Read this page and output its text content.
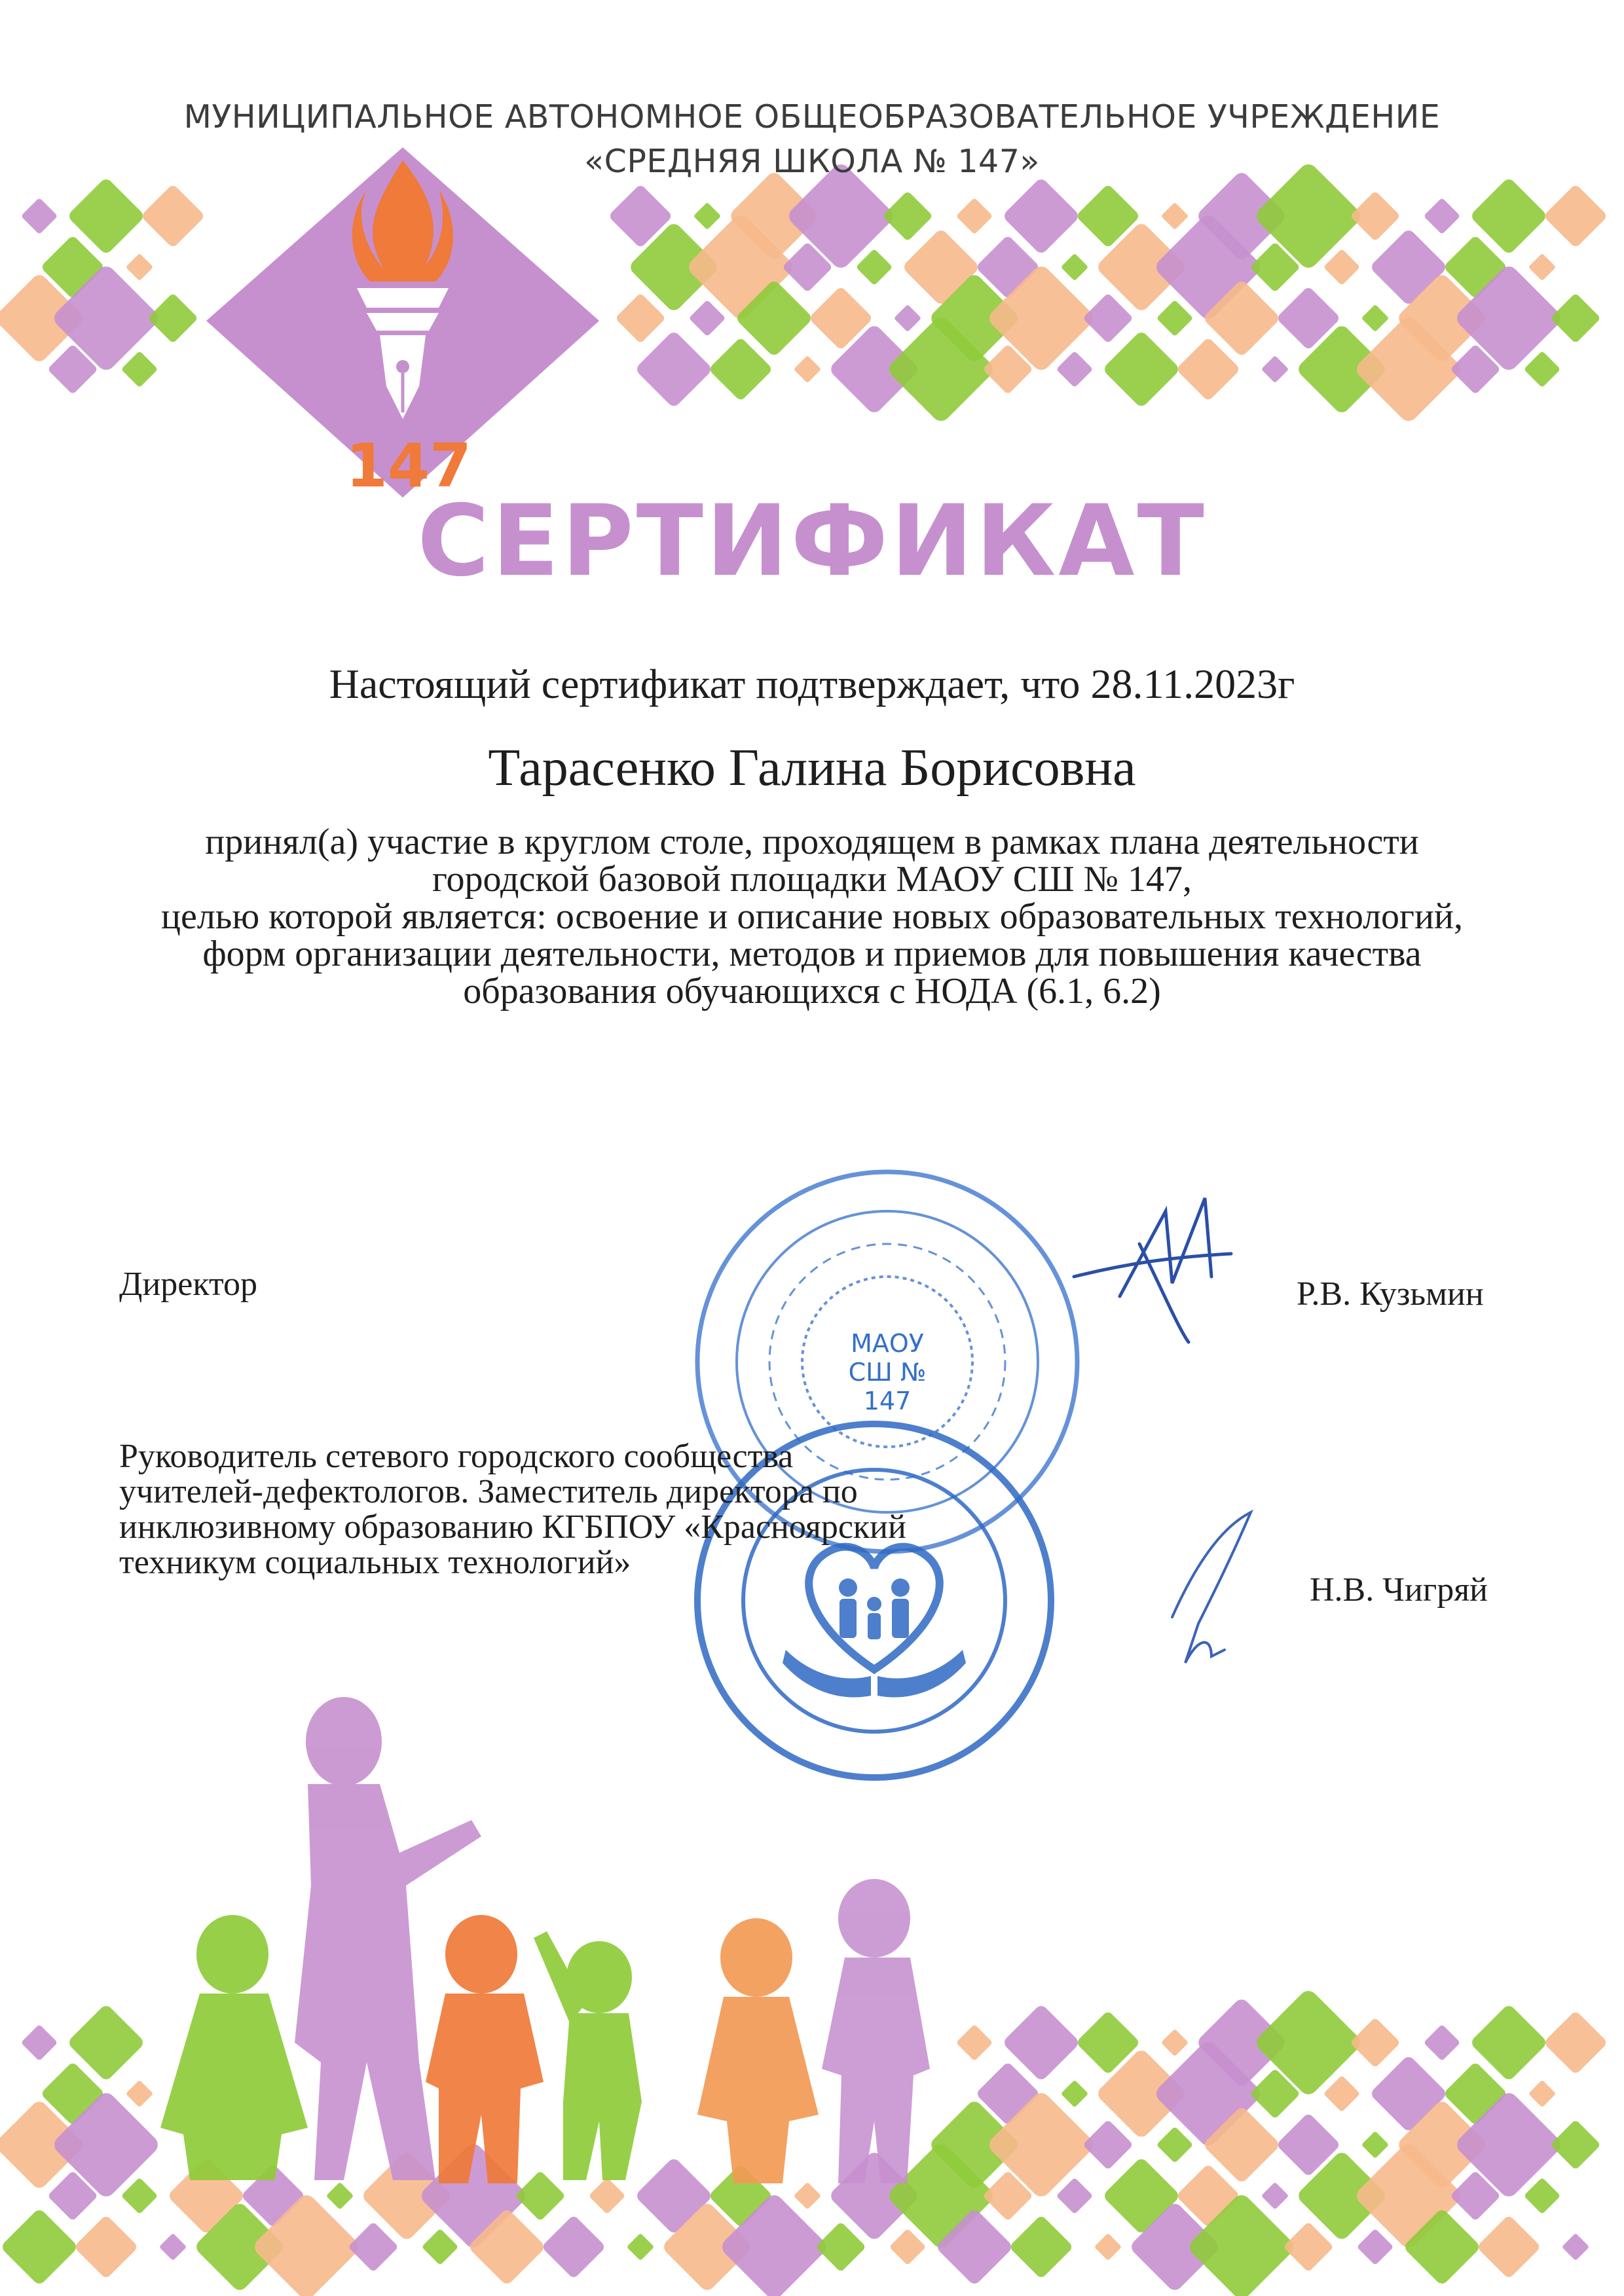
МУНИЦИПАЛЬНОЕ АВТОНОМНОЕ ОБЩЕОБРАЗОВАТЕЛЬНОЕ УЧРЕЖДЕНИЕ
«СРЕДНЯЯ ШКОЛА № 147»
147
СЕРТИФИКАТ
Настоящий сертификат подтверждает, что 28.11.2023г
Тарасенко Галина Борисовна
принял(а) участие в круглом столе, проходящем в рамках плана деятельности
городской базовой площадки МАОУ СШ № 147,
целью которой является: освоение и описание новых образовательных технологий,
форм организации деятельности, методов и приемов для повышения качества
образования обучающихся с НОДА (6.1, 6.2)
МАОУ
СШ № 147
Директор	Р.В. Кузьмин
Руководитель сетевого городского сообщества
учителей-дефектологов. Заместитель директора по
инклюзивному образованию КГБПОУ «Красноярский
техникум социальных технологий»
Н.В. Чигряй
